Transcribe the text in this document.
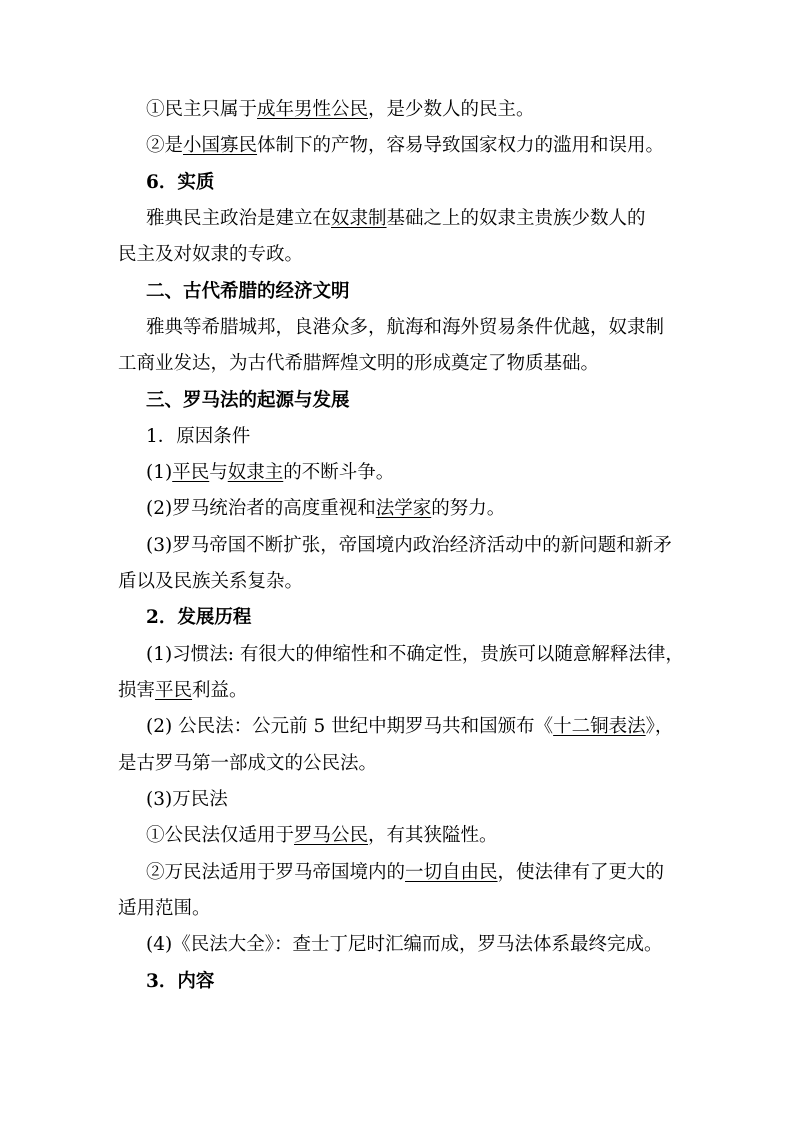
①民主只属于成年男性公民，是少数人的民主。
②是小国寡民体制下的产物，容易导致国家权力的滥用和误用。
6．实质
雅典民主政治是建立在奴隶制基础之上的奴隶主贵族少数人的
民主及对奴隶的专政。
二、古代希腊的经济文明
雅典等希腊城邦，良港众多，航海和海外贸易条件优越，奴隶制
工商业发达，为古代希腊辉煌文明的形成奠定了物质基础。
三、罗马法的起源与发展
1．原因条件
(1)平民与奴隶主的不断斗争。
(2)罗马统治者的高度重视和法学家的努力。
(3)罗马帝国不断扩张，帝国境内政治经济活动中的新问题和新矛
盾以及民族关系复杂。
2．发展历程
(1)习惯法: 有很大的伸缩性和不确定性，贵族可以随意解释法律，
损害平民利益。
(2) 公民法：公元前 5 世纪中期罗马共和国颁布《十二铜表法》，
是古罗马第一部成文的公民法。
(3)万民法
①公民法仅适用于罗马公民，有其狭隘性。
②万民法适用于罗马帝国境内的一切自由民，使法律有了更大的
适用范围。
(4)《民法大全》：查士丁尼时汇编而成，罗马法体系最终完成。
3．内容
